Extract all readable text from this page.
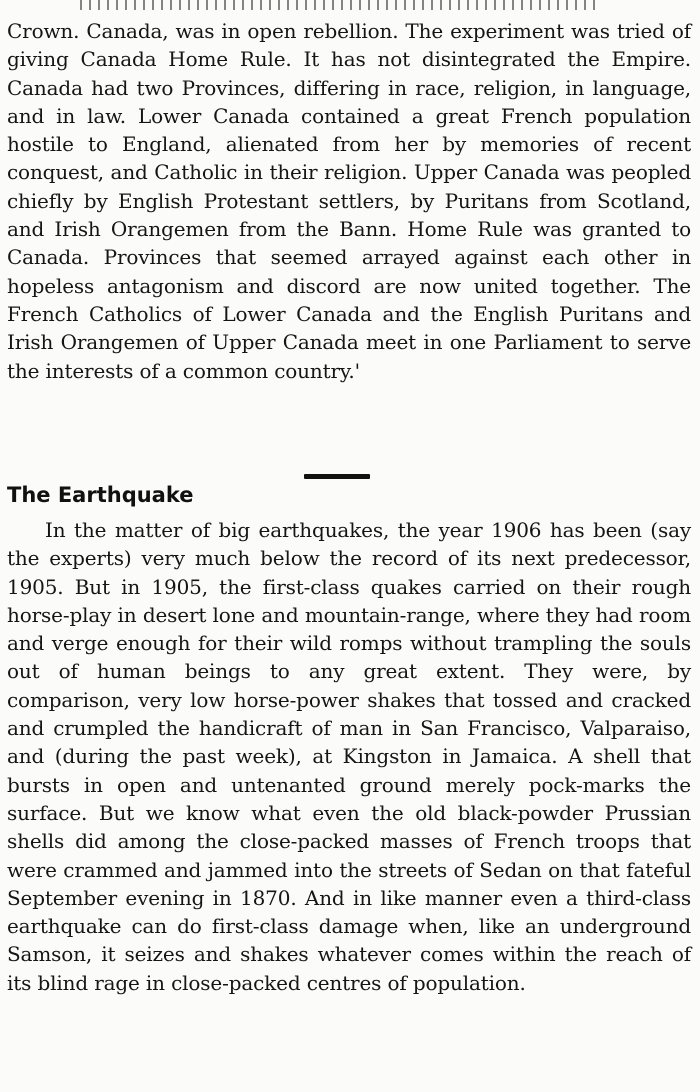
Crown. Canada, was in open rebellion. The experiment was tried of giving Canada Home Rule. It has not disintegrated the Empire. Canada had two Provinces, differing in race, religion, in language, and in law. Lower Canada contained a great French population hostile to England, alienated from her by memories of recent conquest, and Catholic in their religion. Upper Canada was peopled chiefly by English Protestant settlers, by Puritans from Scotland, and Irish Orangemen from the Bann. Home Rule was granted to Canada. Provinces that seemed arrayed against each other in hopeless antagonism and discord are now united together. The French Catholics of Lower Canada and the English Puritans and Irish Orangemen of Upper Canada meet in one Parliament to serve the interests of a common country.'

The Earthquake

In the matter of big earthquakes, the year 1906 has been (say the experts) very much below the record of its next predecessor, 1905. But in 1905, the first-class quakes carried on their rough horse-play in desert lone and mountain-range, where they had room and verge enough for their wild romps without trampling the souls out of human beings to any great extent. They were, by comparison, very low horse-power shakes that tossed and cracked and crumpled the handicraft of man in San Francisco, Valparaiso, and (during the past week), at Kingston in Jamaica. A shell that bursts in open and untenanted ground merely pock-marks the surface. But we know what even the old black-powder Prussian shells did among the close-packed masses of French troops that were crammed and jammed into the streets of Sedan on that fateful September evening in 1870. And in like manner even a third-class earthquake can do first-class damage when, like an underground Samson, it seizes and shakes whatever comes within the reach of its blind rage in close-packed centres of population.
